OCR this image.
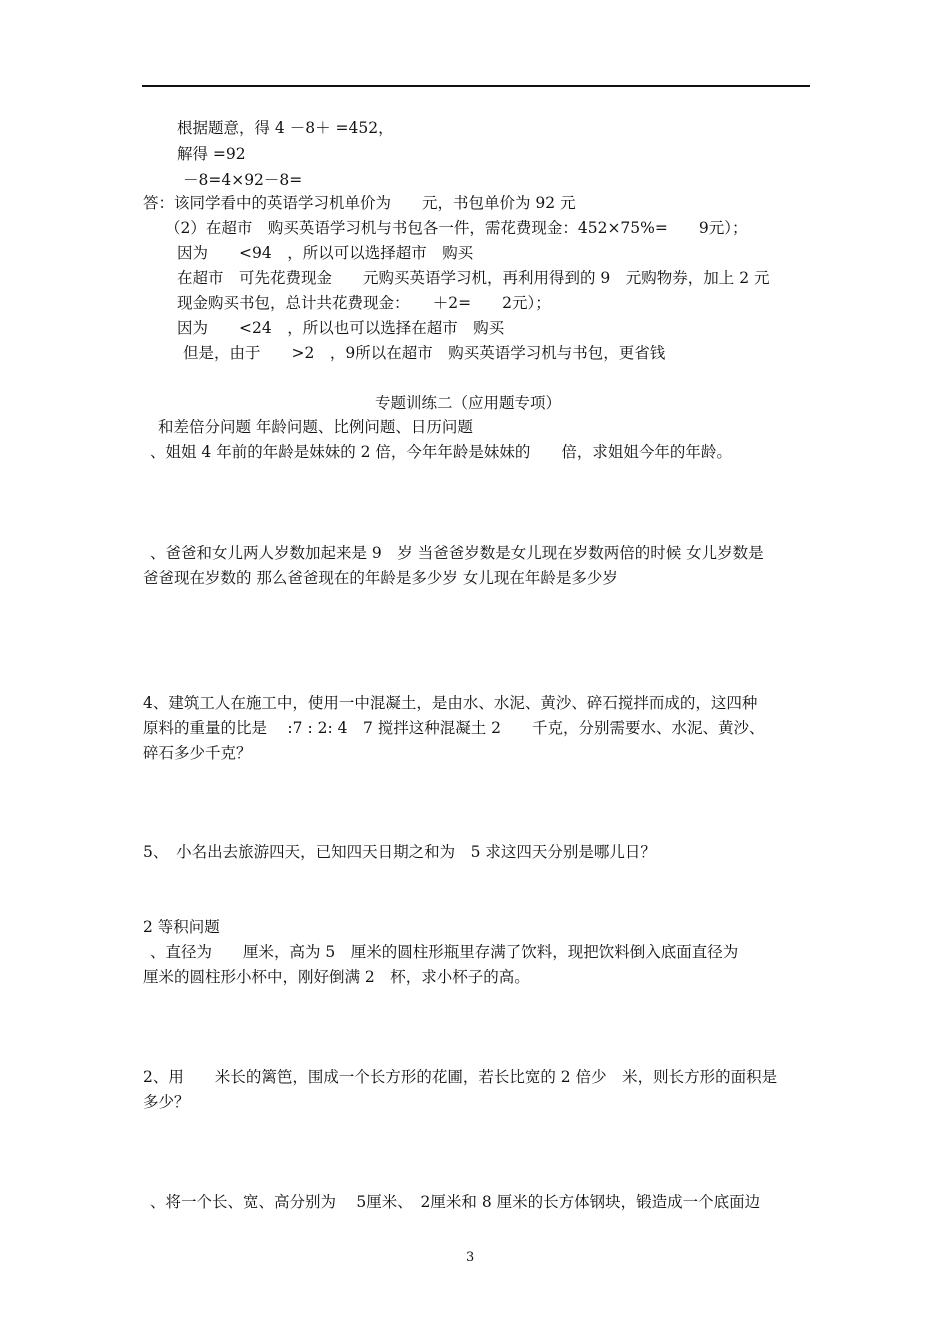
根据题意，得 4 －8＋ =452，
解得 =92
－8=4×92－8=
答：该同学看中的英语学习机单价为　　元，书包单价为 92 元
（2）在超市　购买英语学习机与书包各一件，需花费现金：452×75%=　　9元）；
因为　　<94　，所以可以选择超市　购买
在超市　可先花费现金　　元购买英语学习机，再利用得到的 9　元购物券，加上 2 元
现金购买书包，总计共花费现金：　　＋2=　　2元）；
因为　　<24　，所以也可以选择在超市　购买
但是，由于　　>2　，9所以在超市　购买英语学习机与书包，更省钱
专题训练二（应用题专项）
和差倍分问题 年龄问题、比例问题、日历问题
、姐姐 4 年前的年龄是妹妹的 2 倍，今年年龄是妹妹的　　倍，求姐姐今年的年龄。
、爸爸和女儿两人岁数加起来是 9　岁 当爸爸岁数是女儿现在岁数两倍的时候 女儿岁数是
爸爸现在岁数的 那么爸爸现在的年龄是多少岁 女儿现在年龄是多少岁
4、建筑工人在施工中，使用一中混凝土，是由水、水泥、黄沙、碎石搅拌而成的，这四种
原料的重量的比是　 :7 : 2: 4　7 搅拌这种混凝土 2　　千克，分别需要水、水泥、黄沙、
碎石多少千克？
5、　小名出去旅游四天，已知四天日期之和为　5 求这四天分别是哪儿日？
2 等积问题
、直径为　　厘米，高为 5　厘米的圆柱形瓶里存满了饮料，现把饮料倒入底面直径为
厘米的圆柱形小杯中，刚好倒满 2　杯，求小杯子的高。
2、用　　米长的篱笆，围成一个长方形的花圃，若长比宽的 2 倍少　米，则长方形的面积是
多少？
、将一个长、宽、高分别为　 5厘米、　2厘米和 8 厘米的长方体钢块，锻造成一个底面边
3
